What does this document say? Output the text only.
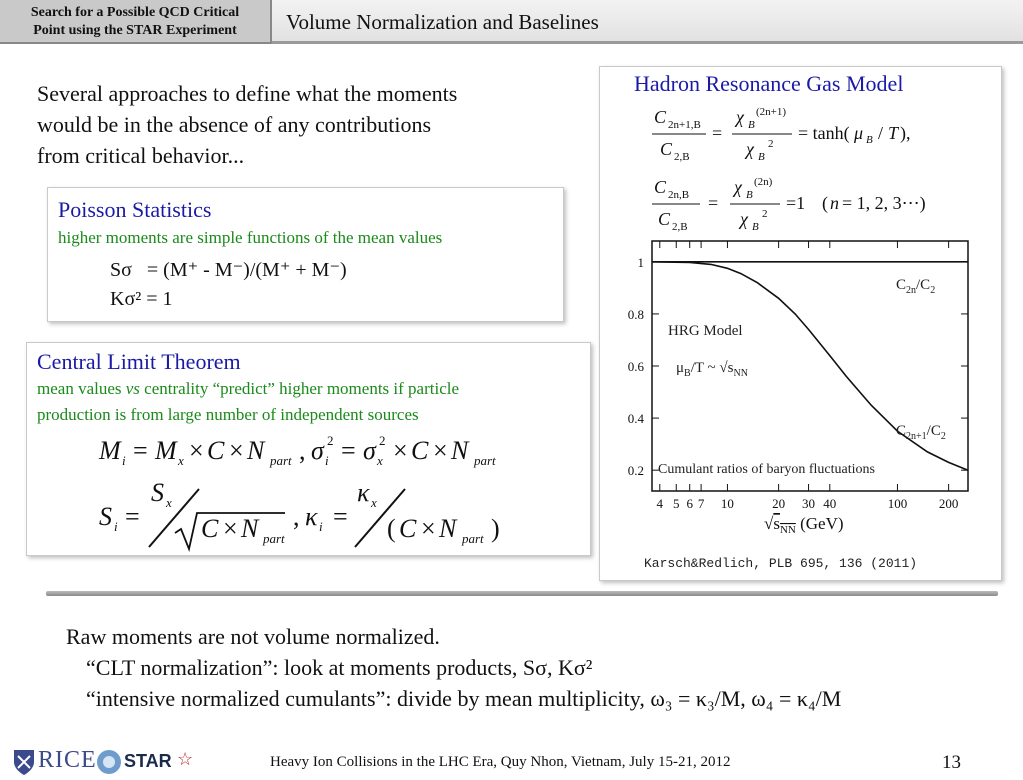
Search for a Possible QCD Critical
Point using the STAR Experiment	Volume Normalization and Baselines

Several approaches to define what the moments

would be in the absence of any contributions

from critical behavior...

Poisson Statistics
higher moments are simple functions of the mean values
Sσ   = (M⁺ - M⁻)/(M⁺ + M⁻)
Kσ² = 1
Central Limit Theorem
mean values vs centrality “predict” higher moments if particle
production is from large number of independent sources
M i = M x × C × N part , σ i
2 = σ x
2 × C × N part
S i =
S x
C × N part
, κ i =
κ x
( C × N part )
Hadron Resonance Gas Model
C 2n+1,B
C 2,B
=
χ B
(2n+1)
χ B
2
= tanh( μ B / T ),
C 2n,B
C 2,B
=
χ B
(2n)
χ B
2
=1 ( n = 1, 2, 3⋯)
0.2
0.4
0.6
0.8
1
4 5 6 7 10	20 30 40	100 200
$C_{2n}/C_2$
$C_{2n+1}/C_2$
HRG Model
$\mu_B/T$ ~ $√s_{NN}$
Cumulant ratios of baryon fluctuations
$√s_{NN}$ (GeV)
Karsch&Redlich, PLB 695, 136 (2011)

Raw moments are not volume normalized.

“CLT normalization”: look at moments products, Sσ, Kσ²

“intensive normalized cumulants”: divide by mean multiplicity, ω₃ = κ₃/M, ω₄ = κ₄/M

RICE STAR ☆	Heavy Ion Collisions in the LHC Era, Quy Nhon, Vietnam, July 15-21, 2012	13
